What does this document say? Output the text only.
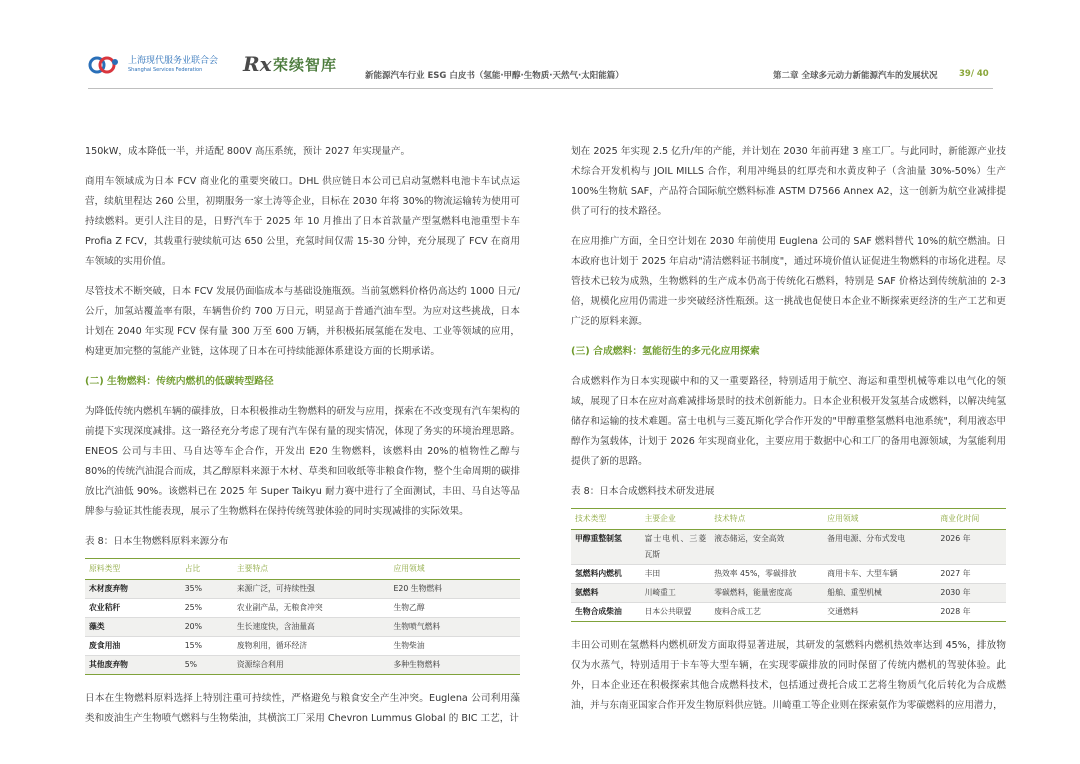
上海现代服务业联合会
Shanghai Services Federation	Rx 荣续智库
新能源汽车行业 ESG 白皮书（氢能·甲醇·生物质·天然气·太阳能篇）	第二章 全球多元动力新能源汽车的发展状况	39/ 40

150kW，成本降低一半，并适配 800V 高压系统，预计 2027 年实现量产。

商用车领域成为日本 FCV 商业化的重要突破口。DHL 供应链日本公司已启动氢燃料电池卡车试点运营，续航里程达 260 公里，初期服务一家土涛等企业，目标在 2030 年将 30%的物流运输转为使用可持续燃料。更引人注目的是，日野汽车于 2025 年 10 月推出了日本首款量产型氢燃料电池重型卡车 Profia Z FCV，其载重行驶续航可达 650 公里，充氢时间仅需 15-30 分钟，充分展现了 FCV 在商用车领域的实用价值。

尽管技术不断突破，日本 FCV 发展仍面临成本与基础设施瓶颈。当前氢燃料价格仍高达约 1000 日元/公斤，加氢站覆盖率有限，车辆售价约 700 万日元，明显高于普通汽油车型。为应对这些挑战，日本计划在 2040 年实现 FCV 保有量 300 万至 600 万辆，并积极拓展氢能在发电、工业等领域的应用，构建更加完整的氢能产业链，这体现了日本在可持续能源体系建设方面的长期承诺。

(二) 生物燃料：传统内燃机的低碳转型路径

为降低传统内燃机车辆的碳排放，日本积极推动生物燃料的研发与应用，探索在不改变现有汽车架构的前提下实现深度减排。这一路径充分考虑了现有汽车保有量的现实情况，体现了务实的环境治理思路。ENEOS 公司与丰田、马自达等车企合作，开发出 E20 生物燃料，该燃料由 20%的植物性乙醇与 80%的传统汽油混合而成，其乙醇原料来源于木材、草类和回收纸等非粮食作物，整个生命周期的碳排放比汽油低 90%。该燃料已在 2025 年 Super Taikyu 耐力赛中进行了全面测试，丰田、马自达等品牌参与验证其性能表现，展示了生物燃料在保持传统驾驶体验的同时实现减排的实际效果。

表 8：日本生物燃料原料来源分布

原料类型	占比	主要特点	应用领域
木材废弃物	35%	来源广泛，可持续性强	E20 生物燃料
农业秸秆	25%	农业副产品，无粮食冲突	生物乙醇
藻类	20%	生长速度快，含油量高	生物喷气燃料
废食用油	15%	废物利用，循环经济	生物柴油
其他废弃物	5%	资源综合利用	多种生物燃料

日本在生物燃料原料选择上特别注重可持续性，严格避免与粮食安全产生冲突。Euglena 公司利用藻类和废油生产生物喷气燃料与生物柴油，其横滨工厂采用 Chevron Lummus Global 的 BIC 工艺，计

划在 2025 年实现 2.5 亿升/年的产能，并计划在 2030 年前再建 3 座工厂。与此同时，新能源产业技术综合开发机构与 JOIL MILLS 合作，利用冲绳县的红厚壳和水黄皮种子（含油量 30%-50%）生产 100%生物航 SAF，产品符合国际航空燃料标准 ASTM D7566 Annex A2，这一创新为航空业减排提供了可行的技术路径。

在应用推广方面，全日空计划在 2030 年前使用 Euglena 公司的 SAF 燃料替代 10%的航空燃油。日本政府也计划于 2025 年启动"清洁燃料证书制度"，通过环境价值认证促进生物燃料的市场化进程。尽管技术已较为成熟，生物燃料的生产成本仍高于传统化石燃料，特别是 SAF 价格达到传统航油的 2-3 倍，规模化应用仍需进一步突破经济性瓶颈。这一挑战也促使日本企业不断探索更经济的生产工艺和更广泛的原料来源。

(三) 合成燃料：氢能衍生的多元化应用探索

合成燃料作为日本实现碳中和的又一重要路径，特别适用于航空、海运和重型机械等难以电气化的领域，展现了日本在应对高难减排场景时的技术创新能力。日本企业积极开发氢基合成燃料，以解决纯氢储存和运输的技术难题。富士电机与三菱瓦斯化学合作开发的"甲醇重整氢燃料电池系统"，利用液态甲醇作为氢载体，计划于 2026 年实现商业化，主要应用于数据中心和工厂的备用电源领域，为氢能利用提供了新的思路。

表 8：日本合成燃料技术研发进展

技术类型	主要企业	技术特点	应用领域	商业化时间
甲醇重整制氢	富士电机、三菱瓦斯	液态储运，安全高效	备用电源、分布式发电	2026 年
氢燃料内燃机	丰田	热效率 45%，零碳排放	商用卡车、大型车辆	2027 年
氨燃料	川崎重工	零碳燃料，能量密度高	船舶、重型机械	2030 年
生物合成柴油	日本公共联盟	废料合成工艺	交通燃料	2028 年

丰田公司则在氢燃料内燃机研发方面取得显著进展，其研发的氢燃料内燃机热效率达到 45%，排放物仅为水蒸气，特别适用于卡车等大型车辆，在实现零碳排放的同时保留了传统内燃机的驾驶体验。此外，日本企业还在积极探索其他合成燃料技术，包括通过费托合成工艺将生物质气化后转化为合成燃油，并与东南亚国家合作开发生物原料供应链。川崎重工等企业则在探索氨作为零碳燃料的应用潜力，
